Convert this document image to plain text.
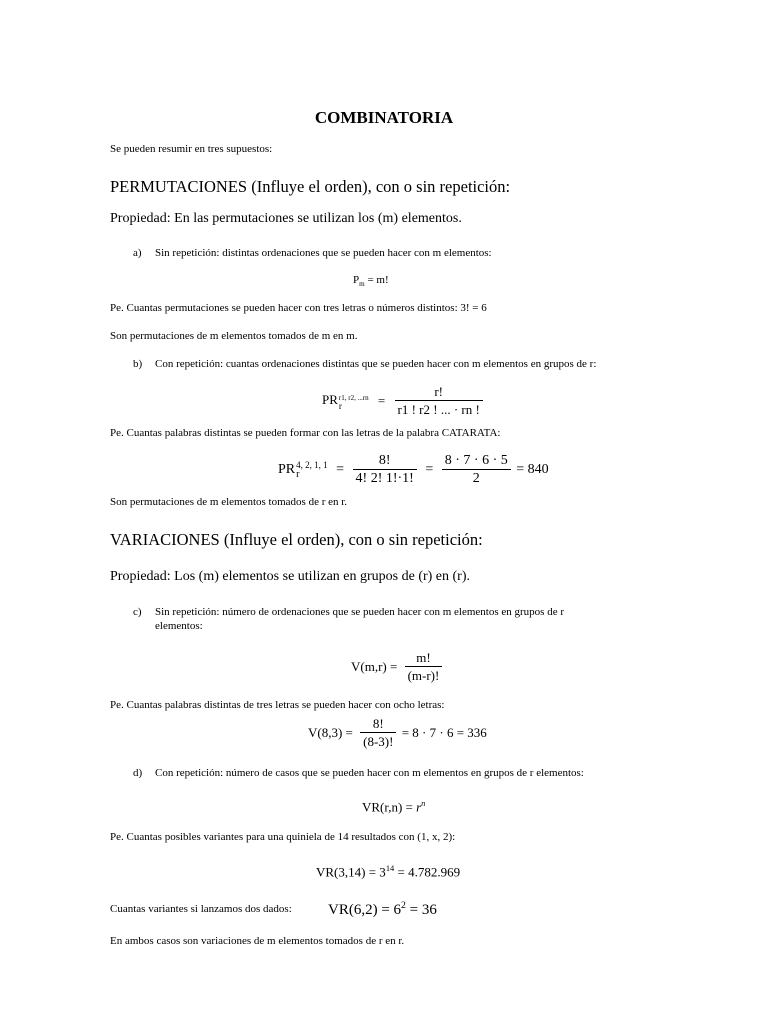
COMBINATORIA
Se pueden resumir en tres supuestos:
PERMUTACIONES (Influye el orden), con o sin repetición:
Propiedad: En las permutaciones se utilizan los (m) elementos.
a) Sin repetición: distintas ordenaciones que se pueden hacer con m elementos:
$P_m = m$!
Pe. Cuantas permutaciones se pueden hacer con tres letras o números distintos: 3! = 6
Son permutaciones de m elementos tomados de m en m.
b) Con repetición: cuantas ordenaciones distintas que se pueden hacer con m elementos en grupos de r:
PR r1, r2, ...rn
r	= $\frac{r!}{r1 ! r2 ! ... \cdot rn !}$
Pe. Cuantas palabras distintas se pueden formar con las letras de la palabra CATARATA:
PR 4, 2, 1, 1
r	= $\frac{8!}{4! 2! 1!\cdot 1!} = \frac{8 \cdot 7 \cdot 6 \cdot 5}{2} = 840$
Son permutaciones de m elementos tomados de r en r.
VARIACIONES (Influye el orden), con o sin repetición:
Propiedad: Los (m) elementos se utilizan en grupos de (r) en (r).
c) Sin repetición: número de ordenaciones que se pueden hacer con m elementos en grupos de r
elementos:
$V(m,r) = \frac{m!}{(m-r)!}$
Pe. Cuantas palabras distintas de tres letras se pueden hacer con ocho letras:
$V(8,3) = \frac{8!}{(8-3)!} = 8 \cdot 7 \cdot 6 = 336$
d) Con repetición: número de casos que se pueden hacer con m elementos en grupos de r elementos:
$VR(r,n) = r^n$
Pe. Cuantas posibles variantes para una quiniela de 14 resultados con (1, x, 2):
$VR(3,14) = 3^{14} = 4.782.969$
Cuantas variantes si lanzamos dos dados: $VR(6,2) = 6^2 = 36$
En ambos casos son variaciones de m elementos tomados de r en r.
